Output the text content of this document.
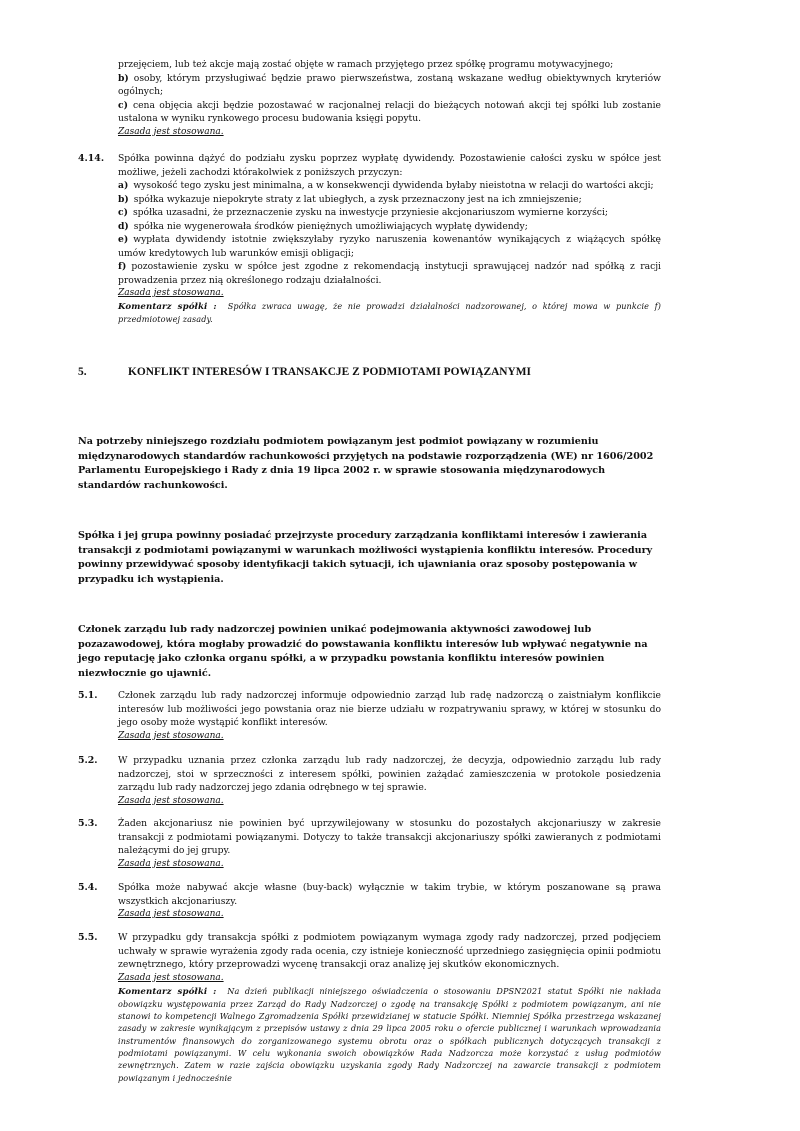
przejęciem, lub też akcje mają zostać objęte w ramach przyjętego przez spółkę programu motywacyjnego;
b) osoby, którym przysługiwać będzie prawo pierwszeństwa, zostaną wskazane według obiektywnych kryteriów ogólnych;
c) cena objęcia akcji będzie pozostawać w racjonalnej relacji do bieżących notowań akcji tej spółki lub zostanie ustalona w wyniku rynkowego procesu budowania księgi popytu.
Zasada jest stosowana.
4.14. Spółka powinna dążyć do podziału zysku poprzez wypłatę dywidendy. Pozostawienie całości zysku w spółce jest możliwe, jeżeli zachodzi którakolwiek z poniższych przyczyn:
a) wysokość tego zysku jest minimalna, a w konsekwencji dywidenda byłaby nieistotna w relacji do wartości akcji;
b) spółka wykazuje niepokryte straty z lat ubiegłych, a zysk przeznaczony jest na ich zmniejszenie;
c) spółka uzasadni, że przeznaczenie zysku na inwestycje przyniesie akcjonariuszom wymierne korzyści;
d) spółka nie wygenerowała środków pieniężnych umożliwiających wypłatę dywidendy;
e) wypłata dywidendy istotnie zwiększyłaby ryzyko naruszenia kowenantów wynikających z wiążących spółkę umów kredytowych lub warunków emisji obligacji;
f) pozostawienie zysku w spółce jest zgodne z rekomendacją instytucji sprawującej nadzór nad spółką z racji prowadzenia przez nią określonego rodzaju działalności.
Zasada jest stosowana.
Komentarz spółki : Spółka zwraca uwagę, że nie prowadzi działalności nadzorowanej, o której mowa w punkcie f) przedmiotowej zasady.
5.	KONFLIKT INTERESÓW I TRANSAKCJE Z PODMIOTAMI POWIĄZANYMI
Na potrzeby niniejszego rozdziału podmiotem powiązanym jest podmiot powiązany w rozumieniu międzynarodowych standardów rachunkowości przyjętych na podstawie rozporządzenia (WE) nr 1606/2002 Parlamentu Europejskiego i Rady z dnia 19 lipca 2002 r. w sprawie stosowania międzynarodowych standardów rachunkowości.
Spółka i jej grupa powinny posiadać przejrzyste procedury zarządzania konfliktami interesów i zawierania transakcji z podmiotami powiązanymi w warunkach możliwości wystąpienia konfliktu interesów. Procedury powinny przewidywać sposoby identyfikacji takich sytuacji, ich ujawniania oraz sposoby postępowania w przypadku ich wystąpienia.
Członek zarządu lub rady nadzorczej powinien unikać podejmowania aktywności zawodowej lub pozazawodowej, która mogłaby prowadzić do powstawania konfliktu interesów lub wpływać negatywnie na jego reputację jako członka organu spółki, a w przypadku powstania konfliktu interesów powinien niezwłocznie go ujawnić.
5.1. Członek zarządu lub rady nadzorczej informuje odpowiednio zarząd lub radę nadzorczą o zaistniałym konflikcie interesów lub możliwości jego powstania oraz nie bierze udziału w rozpatrywaniu sprawy, w której w stosunku do jego osoby może wystąpić konflikt interesów.
Zasada jest stosowana.
5.2. W przypadku uznania przez członka zarządu lub rady nadzorczej, że decyzja, odpowiednio zarządu lub rady nadzorczej, stoi w sprzeczności z interesem spółki, powinien zażądać zamieszczenia w protokole posiedzenia zarządu lub rady nadzorczej jego zdania odrębnego w tej sprawie.
Zasada jest stosowana.
5.3. Żaden akcjonariusz nie powinien być uprzywilejowany w stosunku do pozostałych akcjonariuszy w zakresie transakcji z podmiotami powiązanymi. Dotyczy to także transakcji akcjonariuszy spółki zawieranych z podmiotami należącymi do jej grupy.
Zasada jest stosowana.
5.4. Spółka może nabywać akcje własne (buy-back) wyłącznie w takim trybie, w którym poszanowane są prawa wszystkich akcjonariuszy.
Zasada jest stosowana.
5.5. W przypadku gdy transakcja spółki z podmiotem powiązanym wymaga zgody rady nadzorczej, przed podjęciem uchwały w sprawie wyrażenia zgody rada ocenia, czy istnieje konieczność uprzedniego zasięgnięcia opinii podmiotu zewnętrznego, który przeprowadzi wycenę transakcji oraz analizę jej skutków ekonomicznych.
Zasada jest stosowana.
Komentarz spółki : Na dzień publikacji niniejszego oświadczenia o stosowaniu DPSN2021 statut Spółki nie nakłada obowiązku występowania przez Zarząd do Rady Nadzorczej o zgodę na transakcję Spółki z podmiotem powiązanym, ani nie stanowi to kompetencji Walnego Zgromadzenia Spółki przewidzianej w statucie Spółki. Niemniej Spółka przestrzega wskazanej zasady w zakresie wynikającym z przepisów ustawy z dnia 29 lipca 2005 roku o ofercie publicznej i warunkach wprowadzania instrumentów finansowych do zorganizowanego systemu obrotu oraz o spółkach publicznych dotyczących transakcji z podmiotami powiązanymi. W celu wykonania swoich obowiązków Rada Nadzorcza może korzystać z usług podmiotów zewnętrznych. Zatem w razie zajścia obowiązku uzyskania zgody Rady Nadzorczej na zawarcie transakcji z podmiotem powiązanym i jednocześnie
